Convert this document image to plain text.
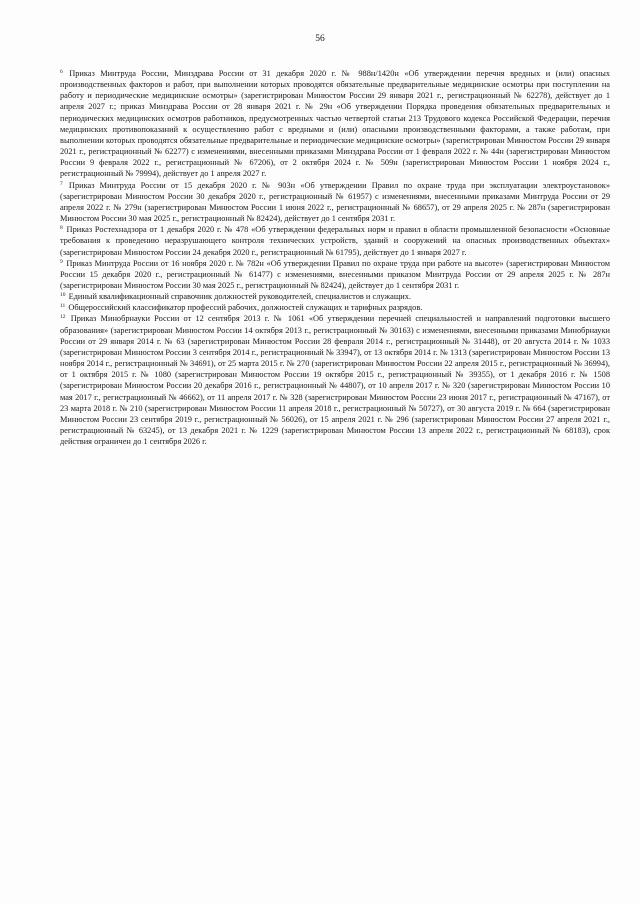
56

$^6$ Приказ Минтруда России, Минздрава России от 31 декабря 2020 г. № 988н/1420н «Об утверждении перечня вредных и (или) опасных производственных факторов и работ, при выполнении которых проводятся обязательные предварительные медицинские осмотры при поступлении на работу и периодические медицинские осмотры» (зарегистрирован Минюстом России 29 января 2021 г., регистрационный № 62278), действует до 1 апреля 2027 г.; приказ Минздрава России от 28 января 2021 г. № 29н «Об утверждении Порядка проведения обязательных предварительных и периодических медицинских осмотров работников, предусмотренных частью четвертой статьи 213 Трудового кодекса Российской Федерации, перечня медицинских противопоказаний к осуществлению работ с вредными и (или) опасными производственными факторами, а также работам, при выполнении которых проводятся обязательные предварительные и периодические медицинские осмотры» (зарегистрирован Минюстом России 29 января 2021 г., регистрационный № 62277) с изменениями, внесенными приказами Минздрава России от 1 февраля 2022 г. № 44н (зарегистрирован Минюстом России 9 февраля 2022 г., регистрационный № 67206), от 2 октября 2024 г. № 509н (зарегистрирован Минюстом России 1 ноября 2024 г., регистрационный № 79994), действует до 1 апреля 2027 г.

$^7$ Приказ Минтруда России от 15 декабря 2020 г. № 903н «Об утверждении Правил по охране труда при эксплуатации электроустановок» (зарегистрирован Минюстом России 30 декабря 2020 г., регистрационный № 61957) с изменениями, внесенными приказами Минтруда России от 29 апреля 2022 г. № 279н (зарегистрирован Минюстом России 1 июня 2022 г., регистрационный № 68657), от 29 апреля 2025 г. № 287н (зарегистрирован Минюстом России 30 мая 2025 г., регистрационный № 82424), действует до 1 сентября 2031 г.

$^8$ Приказ Ростехнадзора от 1 декабря 2020 г. № 478 «Об утверждении федеральных норм и правил в области промышленной безопасности «Основные требования к проведению неразрушающего контроля технических устройств, зданий и сооружений на опасных производственных объектах» (зарегистрирован Минюстом России 24 декабря 2020 г., регистрационный № 61795), действует до 1 января 2027 г.

$^9$ Приказ Минтруда России от 16 ноября 2020 г. № 782н «Об утверждении Правил по охране труда при работе на высоте» (зарегистрирован Минюстом России 15 декабря 2020 г., регистрационный № 61477) с изменениями, внесенными приказом Минтруда России от 29 апреля 2025 г. № 287н (зарегистрирован Минюстом России 30 мая 2025 г., регистрационный № 82424), действует до 1 сентября 2031 г.

$^{10}$ Единый квалификационный справочник должностей руководителей, специалистов и служащих.

$^{11}$ Общероссийский классификатор профессий рабочих, должностей служащих и тарифных разрядов.

$^{12}$ Приказ Минобрнауки России от 12 сентября 2013 г. № 1061 «Об утверждении перечней специальностей и направлений подготовки высшего образования» (зарегистрирован Минюстом России 14 октября 2013 г., регистрационный № 30163) с изменениями, внесенными приказами Минобрнауки России от 29 января 2014 г. № 63 (зарегистрирован Минюстом России 28 февраля 2014 г., регистрационный № 31448), от 20 августа 2014 г. № 1033 (зарегистрирован Минюстом России 3 сентября 2014 г., регистрационный № 33947), от 13 октября 2014 г. № 1313 (зарегистрирован Минюстом России 13 ноября 2014 г., регистрационный № 34691), от 25 марта 2015 г. № 270 (зарегистрирован Минюстом России 22 апреля 2015 г., регистрационный № 36994), от 1 октября 2015 г. № 1080 (зарегистрирован Минюстом России 19 октября 2015 г., регистрационный № 39355), от 1 декабря 2016 г. № 1508 (зарегистрирован Минюстом России 20 декабря 2016 г., регистрационный № 44807), от 10 апреля 2017 г. № 320 (зарегистрирован Минюстом России 10 мая 2017 г., регистрационный № 46662), от 11 апреля 2017 г. № 328 (зарегистрирован Минюстом России 23 июня 2017 г., регистрационный № 47167), от 23 марта 2018 г. № 210 (зарегистрирован Минюстом России 11 апреля 2018 г., регистрационный № 50727), от 30 августа 2019 г. № 664 (зарегистрирован Минюстом России 23 сентября 2019 г., регистрационный № 56026), от 15 апреля 2021 г. № 296 (зарегистрирован Минюстом России 27 апреля 2021 г., регистрационный № 63245), от 13 декабря 2021 г. № 1229 (зарегистрирован Минюстом России 13 апреля 2022 г., регистрационный № 68183), срок действия ограничен до 1 сентября 2026 г.
